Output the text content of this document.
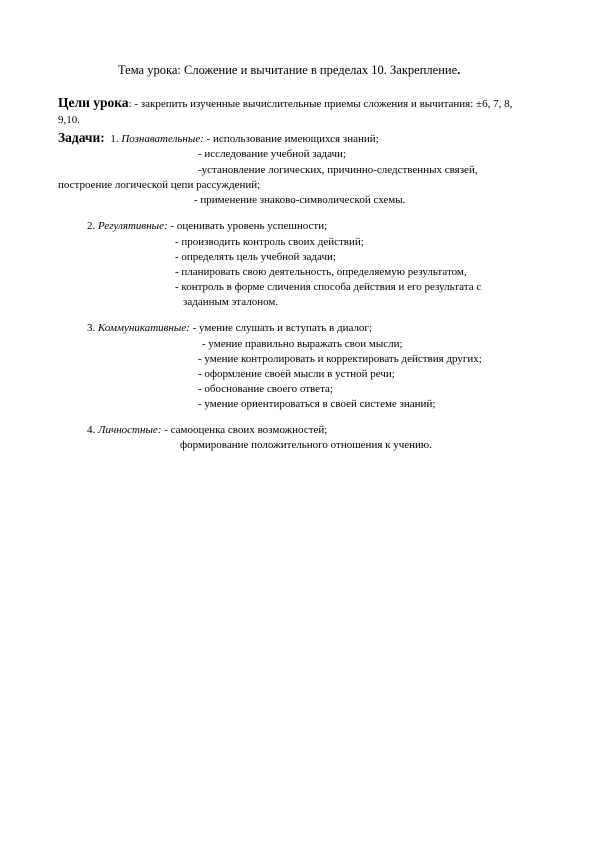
Тема урока: Сложение и вычитание в пределах 10. Закрепление.
Цели урока: - закрепить изученные вычислительные приемы сложения и вычитания: ±6, 7, 8,
9,10.
Задачи: 1. Познавательные: - использование имеющихся знаний;
- исследование учебной задачи;
-установление логических, причинно-следственных связей,
построение логической цепи рассуждений;
- применение знаково-символической схемы.
2. Регулятивные: - оценивать уровень успешности;
- производить контроль своих действий;
- определять цель учебной задачи;
- планировать свою деятельность, определяемую результатом,
- контроль в форме сличения способа действия и его результата с
заданным эталоном.
3. Коммуникативные: - умение слушать и вступать в диалог;
- умение правильно выражать свои мысли;
- умение контролировать и корректировать действия других;
- оформление своей мысли в устной речи;
- обоснование своего ответа;
- умение ориентироваться в своей системе знаний;
4. Личностные: - самооценка своих возможностей;
формирование положительного отношения к учению.
